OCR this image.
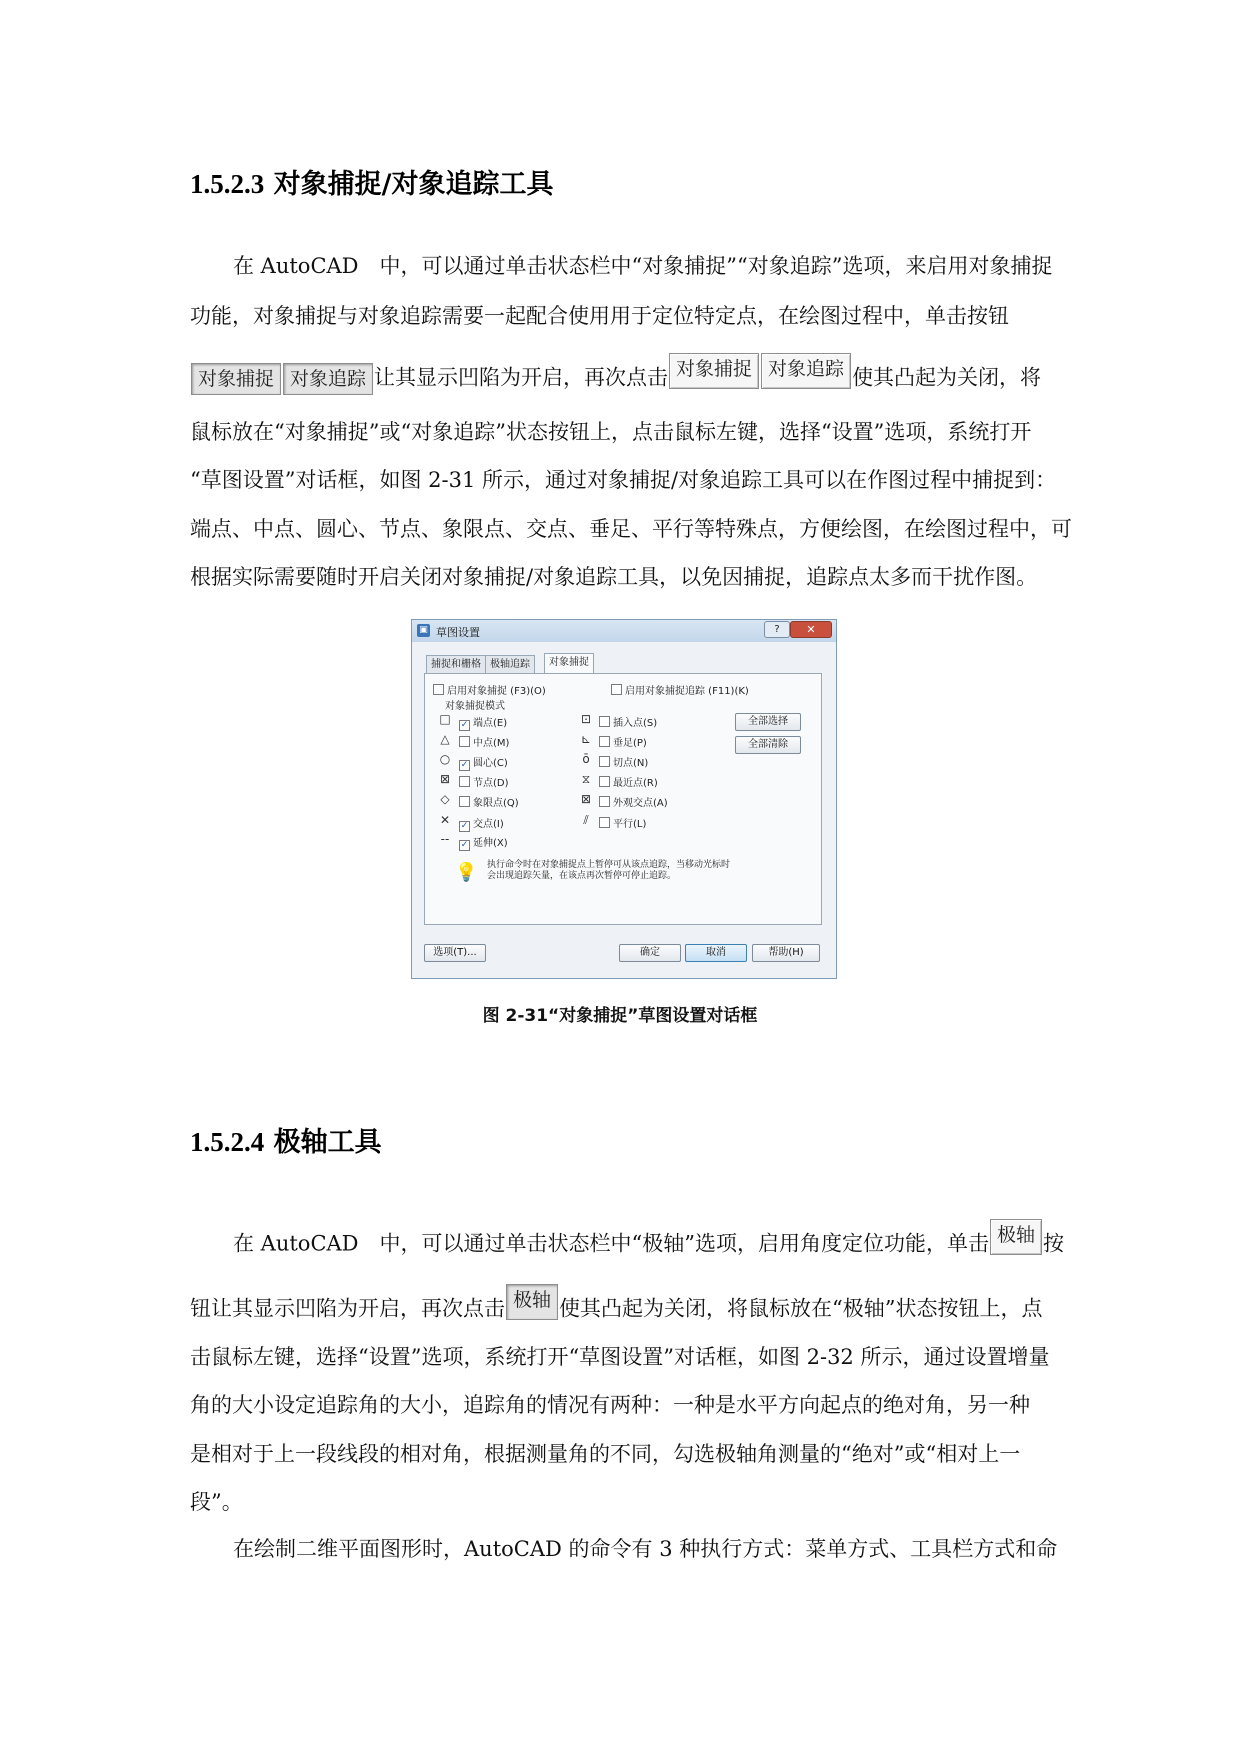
1.5.2.3 对象捕捉/对象追踪工具

在 AutoCAD　中，可以通过单击状态栏中“对象捕捉”“对象追踪”选项，来启用对象捕捉

功能，对象捕捉与对象追踪需要一起配合使用用于定位特定点，在绘图过程中，单击按钮

对象捕捉 对象追踪 让其显示凹陷为开启，再次点击 对象捕捉 对象追踪 使其凸起为关闭，将

鼠标放在“对象捕捉”或“对象追踪”状态按钮上，点击鼠标左键，选择“设置”选项，系统打开

“草图设置”对话框，如图 2-31 所示，通过对象捕捉/对象追踪工具可以在作图过程中捕捉到：

端点、中点、圆心、节点、象限点、交点、垂足、平行等特殊点，方便绘图，在绘图过程中，可

根据实际需要随时开启关闭对象捕捉/对象追踪工具，以免因捕捉，追踪点太多而干扰作图。

▣ 草图设置	?	✕
捕捉和栅格 极轴追踪	对象捕捉
启用对象捕捉 (F3)(O)	启用对象捕捉追踪 (F11)(K)
对象捕捉模式
□ ✓ 端点(E)
△	中点(M)
○ ✓ 圆心(C)
⊠	节点(D)
◇	象限点(Q)
✕ ✓ 交点(I)
-- ✓ 延伸(X)
⊡	插入点(S)
⊾	垂足(P)
ō	切点(N)
⧖	最近点(R)
⊠	外观交点(A)
⫽	平行(L)
全部选择
全部清除
💡 执行命令时在对象捕捉点上暂停可从该点追踪，当移动光标时
会出现追踪矢量，在该点再次暂停可停止追踪。
选项(T)...	确定	取消	帮助(H)
图 2-31“对象捕捉”草图设置对话框
1.5.2.4 极轴工具

在 AutoCAD　中，可以通过单击状态栏中“极轴”选项，启用角度定位功能，单击 极轴 按

钮让其显示凹陷为开启，再次点击 极轴 使其凸起为关闭，将鼠标放在“极轴”状态按钮上，点

击鼠标左键，选择“设置”选项，系统打开“草图设置”对话框，如图 2-32 所示，通过设置增量

角的大小设定追踪角的大小，追踪角的情况有两种：一种是水平方向起点的绝对角，另一种

是相对于上一段线段的相对角，根据测量角的不同，勾选极轴角测量的“绝对”或“相对上一

段”。

在绘制二维平面图形时，AutoCAD 的命令有 3 种执行方式：菜单方式、工具栏方式和命
